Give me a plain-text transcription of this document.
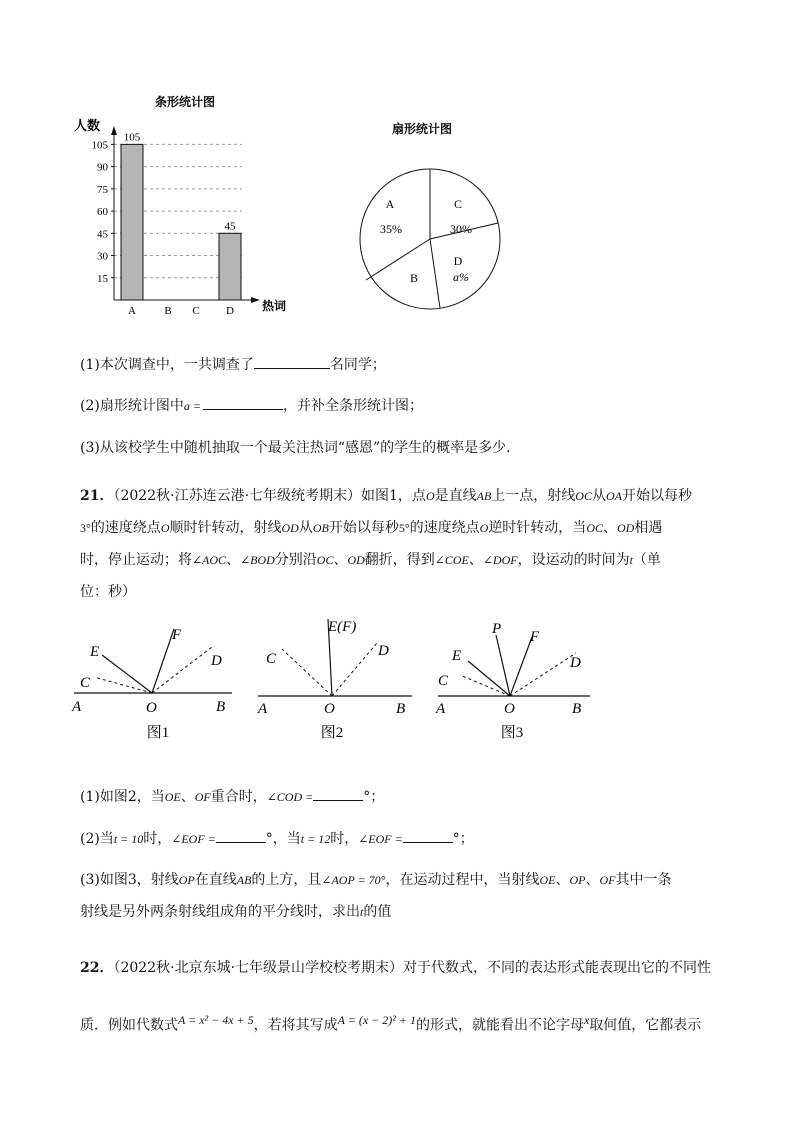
条形统计图
人数
热词
15
30
45
60
75
90
105
105
45
A	B C D
扇形统计图
A
35%
C
30%
B
D
a%
(1)本次调查中，一共调查了	名同学；
(2)扇形统计图中a =	，并补全条形统计图；
(3)从该校学生中随机抽取一个最关注热词“感恩”的学生的概率是多少．
21．（2022秋·江苏连云港·七年级统考期末）如图1，点O是直线AB上一点，射线OC从OA开始以每秒
3°的速度绕点O顺时针转动，射线OD从OB开始以每秒5°的速度绕点O逆时针转动，当OC、OD相遇
时，停止运动；将∠AOC、∠BOD分别沿OC、OD翻折，得到∠COE、∠DOF，设运动的时间为t（单
位：秒）
F
E
C
D
A	O	B
图1
E(F)
C	D
A	O	B
图2
P F
E
C
D
A	O	B
图3
(1)如图2，当OE、OF重合时，∠COD =	°；
(2)当t = 10时，∠EOF =	°，当t = 12时，∠EOF =	°；
(3)如图3，射线OP在直线AB的上方，且∠AOP = 70°，在运动过程中，当射线OE、OP、OF其中一条
射线是另外两条射线组成角的平分线时，求出t的值
22．（2022秋·北京东城·七年级景山学校校考期末）对于代数式，不同的表达形式能表现出它的不同性
质．例如代数式A = x² − 4x + 5，若将其写成A = (x − 2)² + 1的形式，就能看出不论字母x取何值，它都表示
